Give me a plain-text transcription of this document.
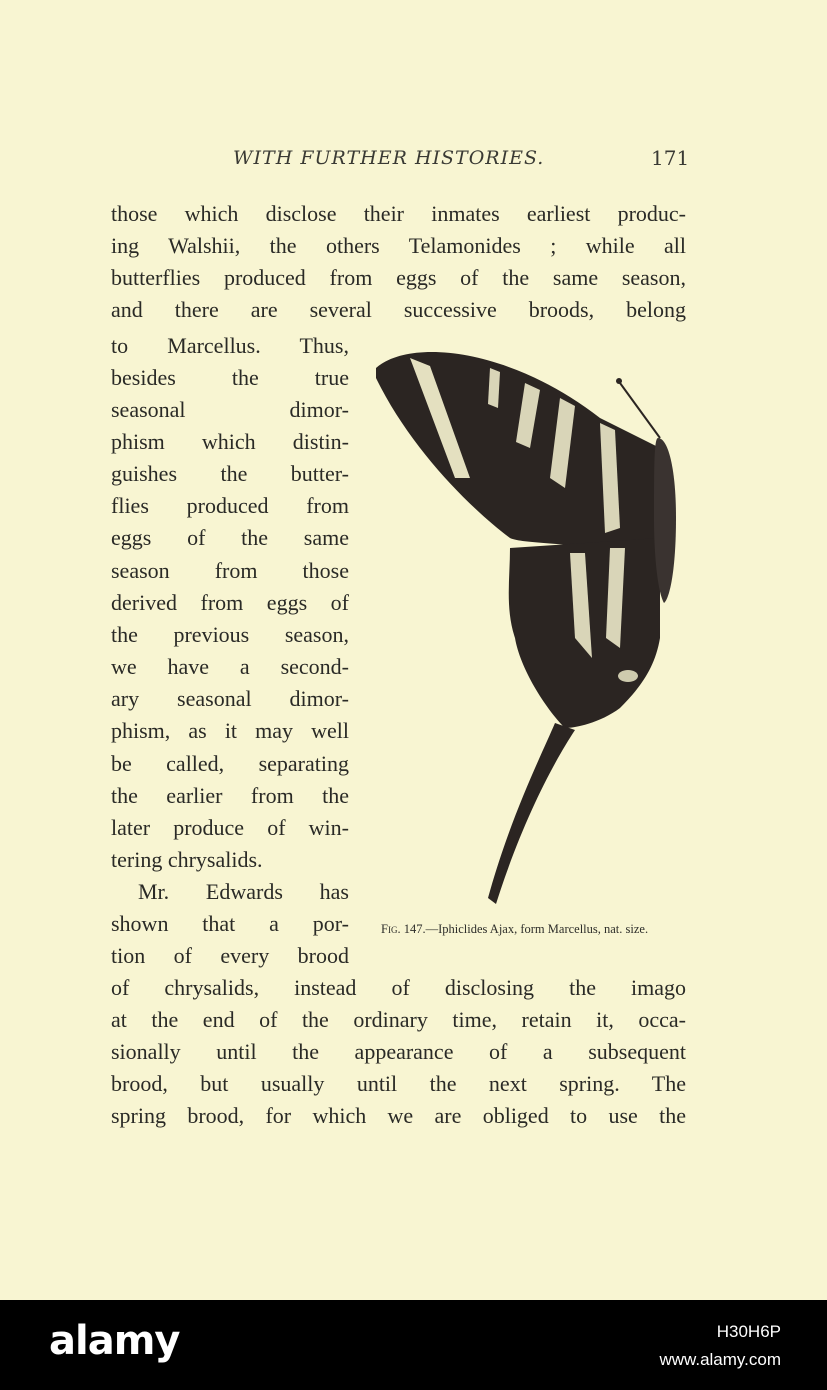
WITH FURTHER HISTORIES.	171
those which disclose their inmates earliest produc-
ing Walshii, the others Telamonides ; while all
butterflies produced from eggs of the same season,
and there are several successive broods, belong
to Marcellus. Thus,
besides the true
seasonal dimor-
phism which distin-
guishes the butter-
flies produced from
eggs of the same
season from those
derived from eggs of
the previous season,
we have a second-
ary seasonal dimor-
phism, as it may well
be called, separating
the earlier from the
later produce of win-
tering chrysalids.
Mr. Edwards has
shown that a por-
tion of every brood
of chrysalids, instead of disclosing the imago
at the end of the ordinary time, retain it, occa-
sionally until the appearance of a subsequent
brood, but usually until the next spring. The
spring brood, for which we are obliged to use the
Fig. 147.—Iphiclides Ajax, form Marcellus, nat. size.
alamy	H30H6P
www.alamy.com
